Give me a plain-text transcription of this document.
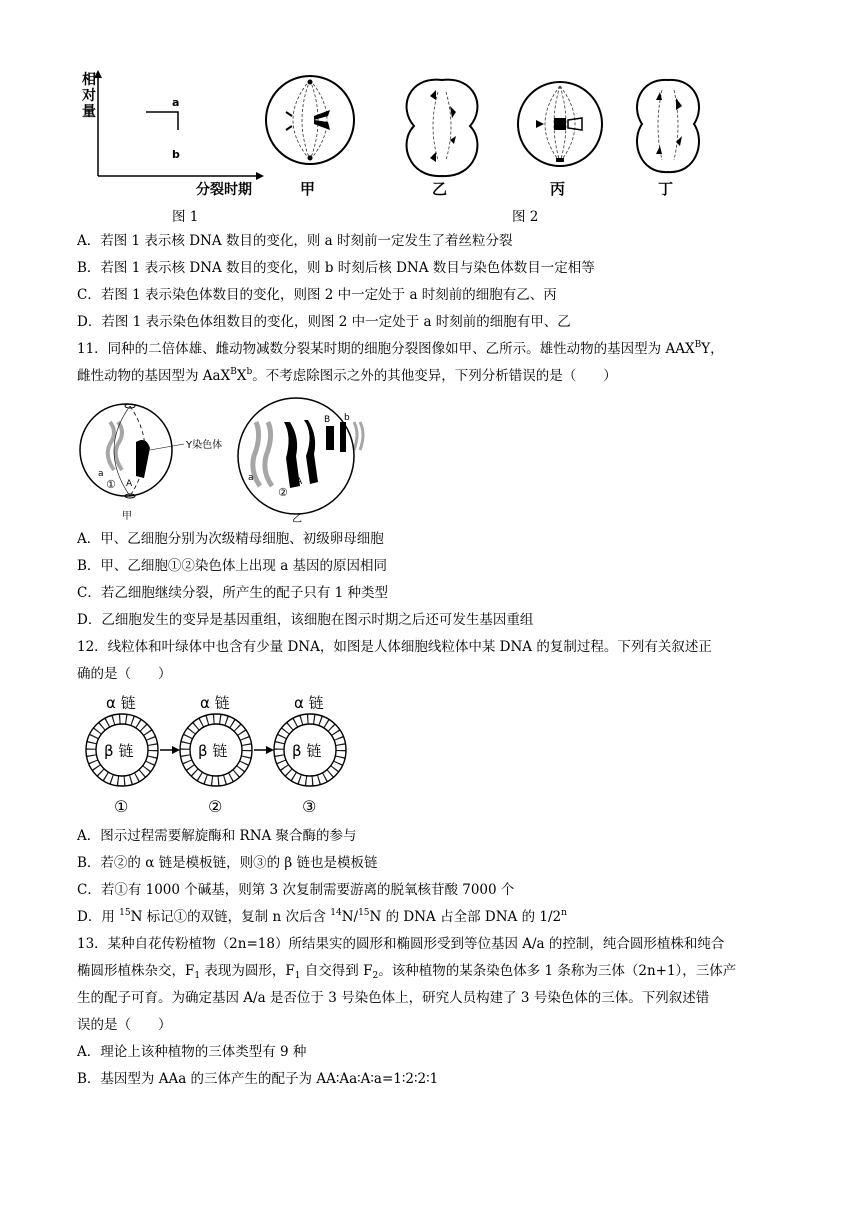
相
对
量
a
b
分裂时期
图 1
甲	乙	丙	丁
图 2
A．若图 1 表示核 DNA 数目的变化，则 a 时刻前一定发生了着丝粒分裂
B．若图 1 表示核 DNA 数目的变化，则 b 时刻后核 DNA 数目与染色体数目一定相等
C．若图 1 表示染色体数目的变化，则图 2 中一定处于 a 时刻前的细胞有乙、丙
D．若图 1 表示染色体组数目的变化，则图 2 中一定处于 a 时刻前的细胞有甲、乙
11．同种的二倍体雄、雌动物减数分裂某时期的细胞分裂图像如甲、乙所示。雄性动物的基因型为 $AAX^BY$，
雌性动物的基因型为 $AaX^BX^b$。不考虑除图示之外的其他变异，下列分析错误的是（　　）
Y染色体
a
A
①
甲
B b
a	A
②
乙
A．甲、乙细胞分别为次级精母细胞、初级卵母细胞
B．甲、乙细胞①②染色体上出现 a 基因的原因相同
C．若乙细胞继续分裂，所产生的配子只有 1 种类型
D．乙细胞发生的变异是基因重组，该细胞在图示时期之后还可发生基因重组
12．线粒体和叶绿体中也含有少量 DNA，如图是人体细胞线粒体中某 DNA 的复制过程。下列有关叙述正
确的是（　　）
α 链	α 链	α 链
β 链	β 链	β 链
①	②	③
A．图示过程需要解旋酶和 RNA 聚合酶的参与
B．若②的 α 链是模板链，则③的 β 链也是模板链
C．若①有 1000 个碱基，则第 3 次复制需要游离的脱氧核苷酸 7000 个
D．用 $^{15}$N 标记①的双链，复制 n 次后含 $^{14}$N/$^{15}$N 的 DNA 占全部 DNA 的 1/2$^n$
13．某种自花传粉植物（2n=18）所结果实的圆形和椭圆形受到等位基因 A/a 的控制，纯合圆形植株和纯合
椭圆形植株杂交，$F_1$ 表现为圆形，$F_1$ 自交得到 $F_2$。该种植物的某条染色体多 1 条称为三体（2n+1），三体产
生的配子可育。为确定基因 A/a 是否位于 3 号染色体上，研究人员构建了 3 号染色体的三体。下列叙述错
误的是（　　）
A．理论上该种植物的三体类型有 9 种
B．基因型为 AAa 的三体产生的配子为 AA∶Aa∶A∶a=1∶2∶2∶1
